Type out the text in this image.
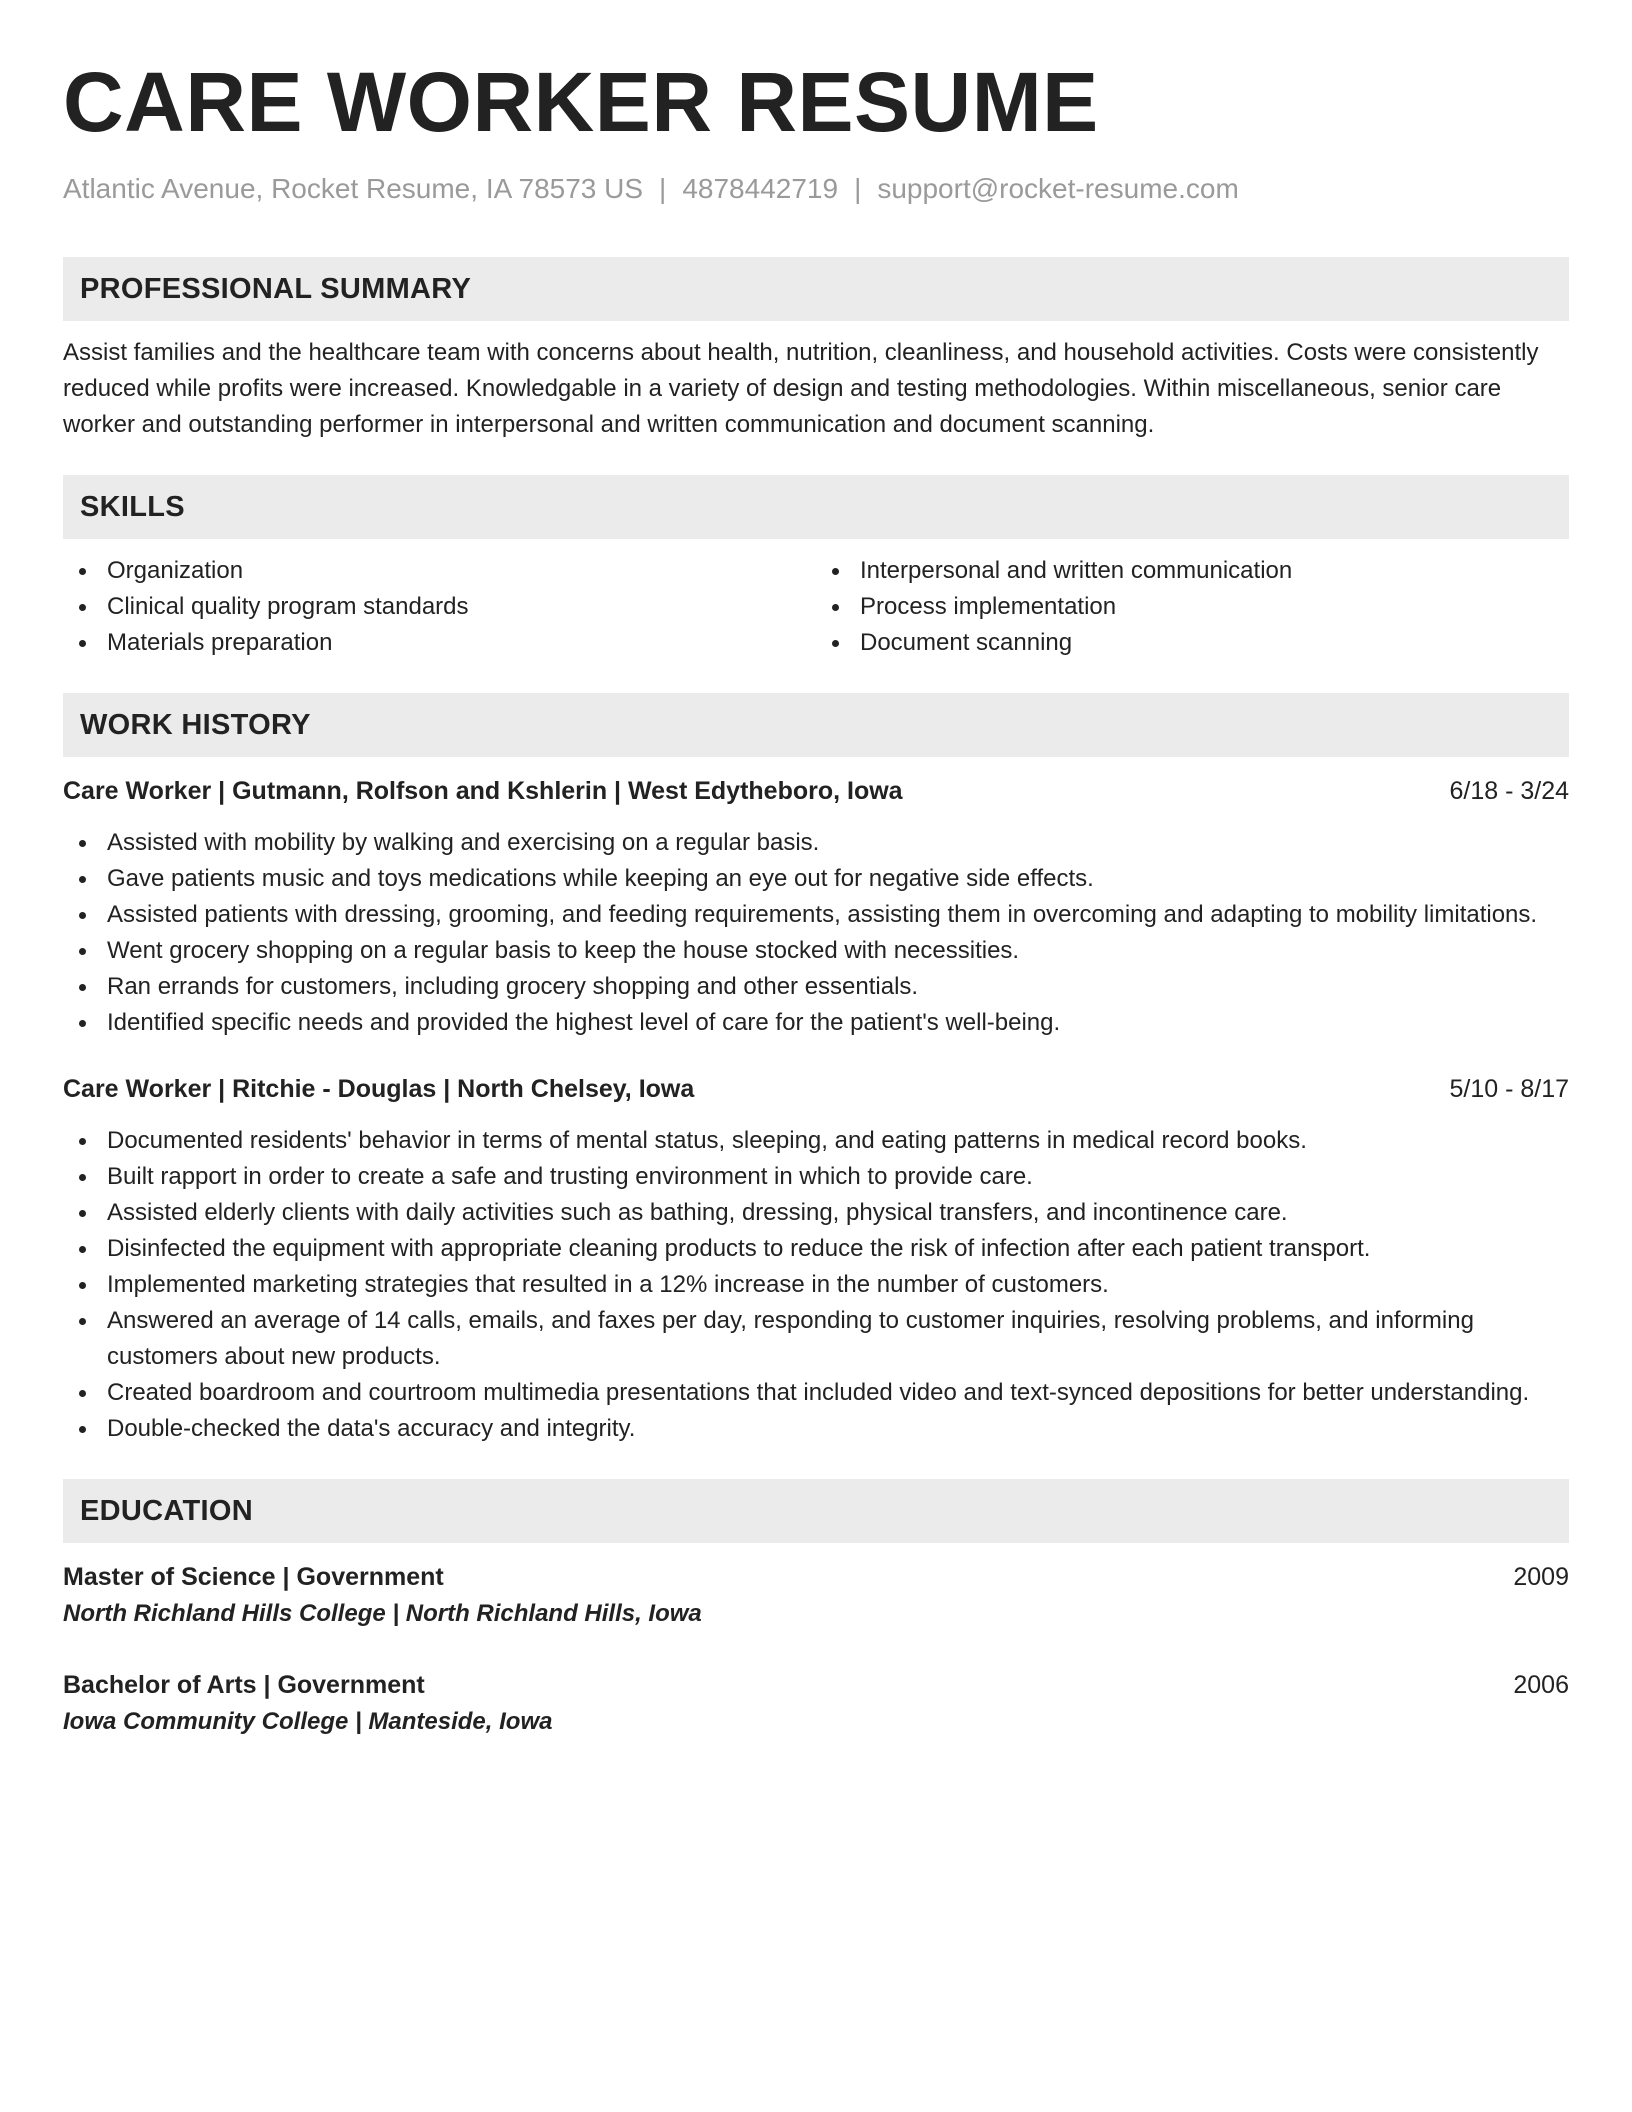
CARE WORKER RESUME
Atlantic Avenue, Rocket Resume, IA 78573 US | 4878442719 | support@rocket-resume.com
PROFESSIONAL SUMMARY
Assist families and the healthcare team with concerns about health, nutrition, cleanliness, and household activities. Costs were consistently reduced while profits were increased. Knowledgable in a variety of design and testing methodologies. Within miscellaneous, senior care worker and outstanding performer in interpersonal and written communication and document scanning.
SKILLS
Organization
Clinical quality program standards
Materials preparation
Interpersonal and written communication
Process implementation
Document scanning
WORK HISTORY
Care Worker | Gutmann, Rolfson and Kshlerin | West Edytheboro, Iowa	6/18 - 3/24
Assisted with mobility by walking and exercising on a regular basis.
Gave patients music and toys medications while keeping an eye out for negative side effects.
Assisted patients with dressing, grooming, and feeding requirements, assisting them in overcoming and adapting to mobility limitations.
Went grocery shopping on a regular basis to keep the house stocked with necessities.
Ran errands for customers, including grocery shopping and other essentials.
Identified specific needs and provided the highest level of care for the patient's well-being.
Care Worker | Ritchie - Douglas | North Chelsey, Iowa	5/10 - 8/17
Documented residents' behavior in terms of mental status, sleeping, and eating patterns in medical record books.
Built rapport in order to create a safe and trusting environment in which to provide care.
Assisted elderly clients with daily activities such as bathing, dressing, physical transfers, and incontinence care.
Disinfected the equipment with appropriate cleaning products to reduce the risk of infection after each patient transport.
Implemented marketing strategies that resulted in a 12% increase in the number of customers.
Answered an average of 14 calls, emails, and faxes per day, responding to customer inquiries, resolving problems, and informing customers about new products.
Created boardroom and courtroom multimedia presentations that included video and text-synced depositions for better understanding.
Double-checked the data's accuracy and integrity.
EDUCATION
Master of Science | Government	2009
North Richland Hills College | North Richland Hills, Iowa
Bachelor of Arts | Government	2006
Iowa Community College | Manteside, Iowa
